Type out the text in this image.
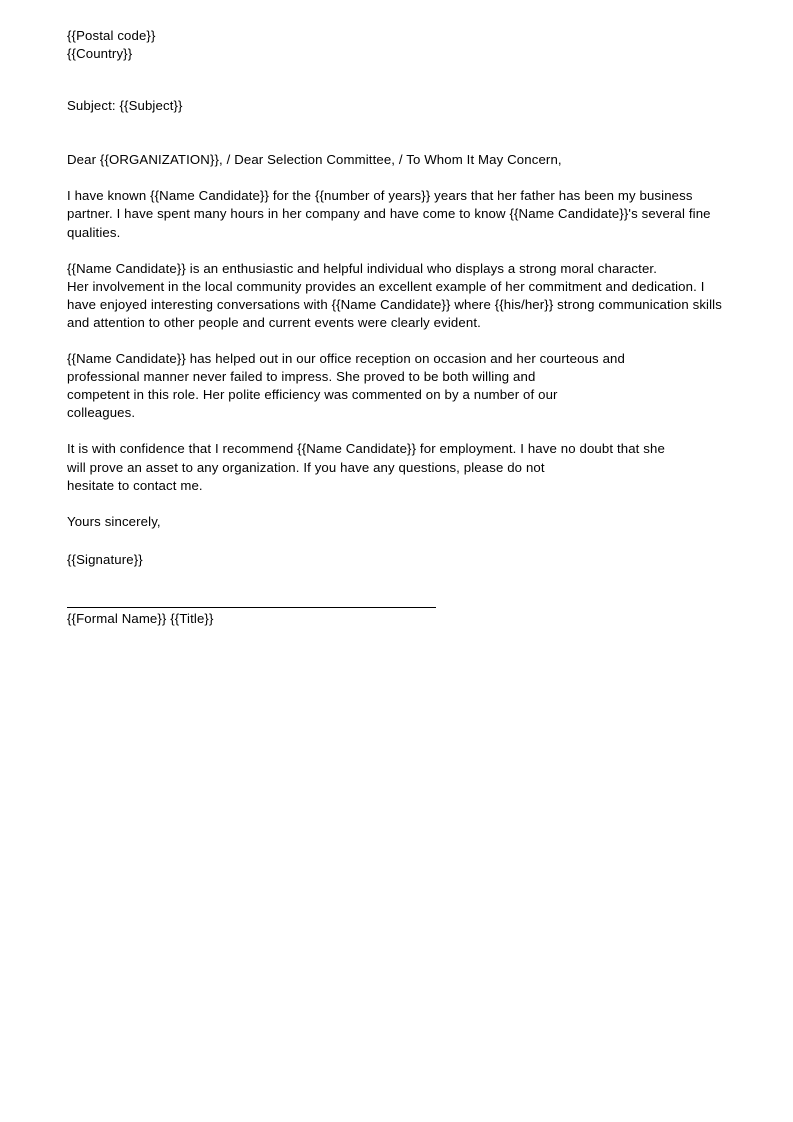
{{Postal code}}
{{Country}}
Subject: {{Subject}}
Dear {{ORGANIZATION}}, / Dear Selection Committee, / To Whom It May Concern,

I have known {{Name Candidate}} for the {{number of years}} years that her father has been my business partner. I have spent many hours in her company and have come to know {{Name Candidate}}'s several fine qualities.

{{Name Candidate}} is an enthusiastic and helpful individual who displays a strong moral character.
Her involvement in the local community provides an excellent example of her commitment and dedication. I have enjoyed interesting conversations with {{Name Candidate}} where {{his/her}} strong communication skills and attention to other people and current events were clearly evident.
{{Name Candidate}} has helped out in our office reception on occasion and her courteous and
professional manner never failed to impress. She proved to be both willing and
competent in this role. Her polite efficiency was commented on by a number of our
colleagues.
It is with confidence that I recommend {{Name Candidate}} for employment. I have no doubt that she
will prove an asset to any organization. If you have any questions, please do not
hesitate to contact me.
Yours sincerely,
{{Signature}}
{{Formal Name}} {{Title}}
